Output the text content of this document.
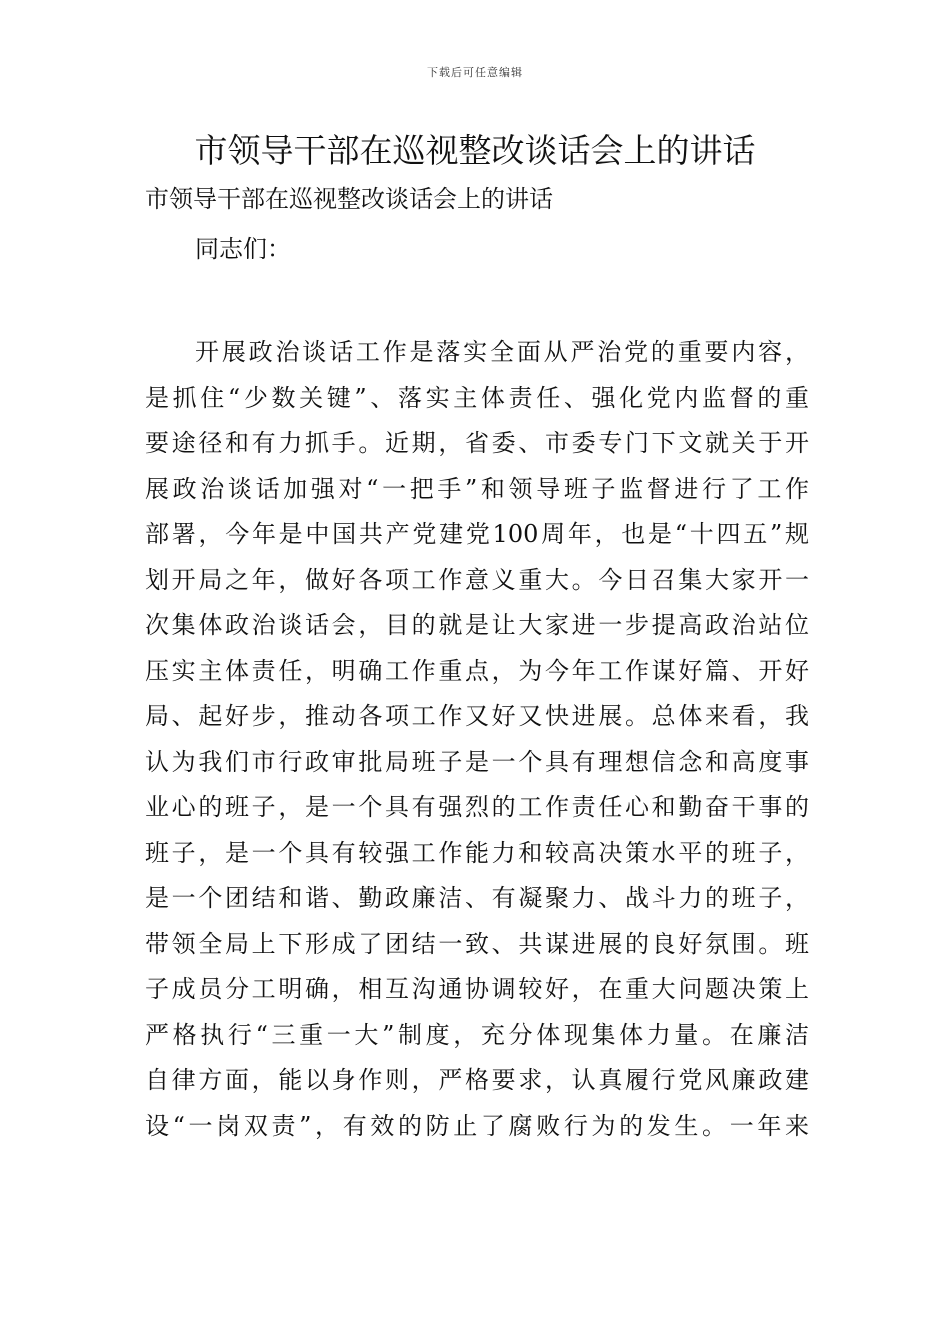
下载后可任意编辑
市领导干部在巡视整改谈话会上的讲话
市领导干部在巡视整改谈话会上的讲话
同志们：
开展政治谈话工作是落实全面从严治党的重要内容，
是抓住“少数关键”、落实主体责任、强化党内监督的重
要途径和有力抓手。近期，省委、市委专门下文就关于开
展政治谈话加强对“一把手”和领导班子监督进行了工作
部署，今年是中国共产党建党100周年，也是“十四五”规
划开局之年，做好各项工作意义重大。今日召集大家开一
次集体政治谈话会，目的就是让大家进一步提高政治站位
压实主体责任，明确工作重点，为今年工作谋好篇、开好
局、起好步，推动各项工作又好又快进展。总体来看，我
认为我们市行政审批局班子是一个具有理想信念和高度事
业心的班子，是一个具有强烈的工作责任心和勤奋干事的
班子，是一个具有较强工作能力和较高决策水平的班子，
是一个团结和谐、勤政廉洁、有凝聚力、战斗力的班子，
带领全局上下形成了团结一致、共谋进展的良好氛围。班
子成员分工明确，相互沟通协调较好，在重大问题决策上
严格执行“三重一大”制度，充分体现集体力量。在廉洁
自律方面，能以身作则，严格要求，认真履行党风廉政建
设“一岗双责”，有效的防止了腐败行为的发生。一年来
